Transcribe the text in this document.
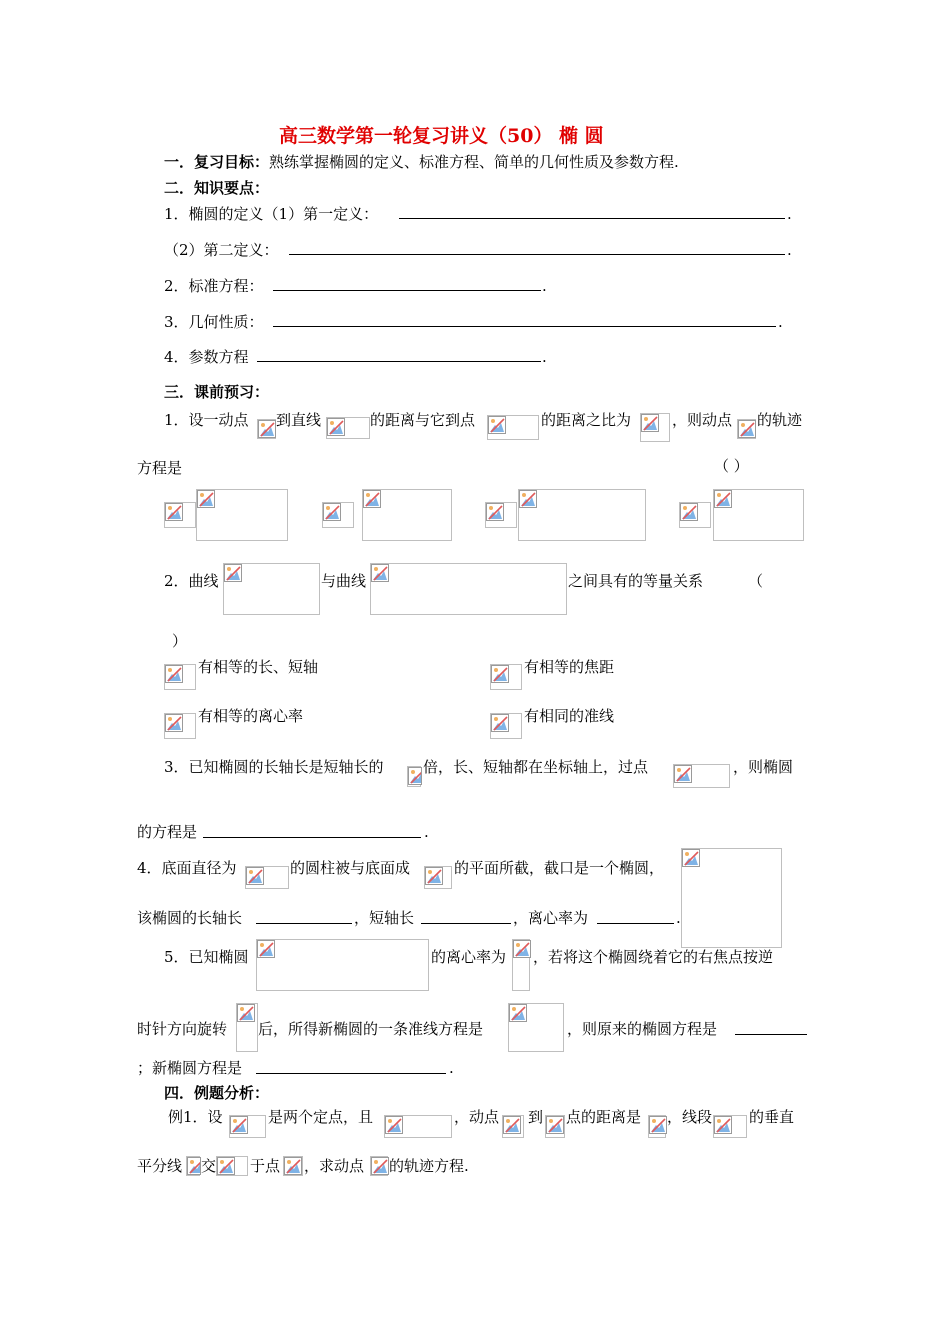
高三数学第一轮复习讲义（50） 椭 圆
一．复习目标：熟练掌握椭圆的定义、标准方程、简单的几何性质及参数方程.
二．知识要点：
1．椭圆的定义（1）第一定义：	.
（2）第二定义：	.
2．标准方程：	.
3．几何性质：	.
4．参数方程	.
三．课前预习：
1．设一动点 到直线	的距离与它到点	的距离之比为	，则动点 的轨迹
方程是	（ ）
2．曲线	与曲线	之间具有的等量关系	（
）
有相等的长、短轴	有相等的焦距
有相等的离心率	有相同的准线
3．已知椭圆的长轴长是短轴长的	倍，长、短轴都在坐标轴上，过点	，则椭圆
的方程是	.
4．底面直径为	的圆柱被与底面成	的平面所截，截口是一个椭圆，
该椭圆的长轴长	，短轴长	，离心率为	.
5．已知椭圆	的离心率为 ，若将这个椭圆绕着它的右焦点按逆
时针方向旋转 后，所得新椭圆的一条准线方程是	，则原来的椭圆方程是
；新椭圆方程是	.
四．例题分析：
例1．设	是两个定点，且	，动点 到 点的距离是 ，线段 的垂直
平分线 交 于点 ，求动点 的轨迹方程.
